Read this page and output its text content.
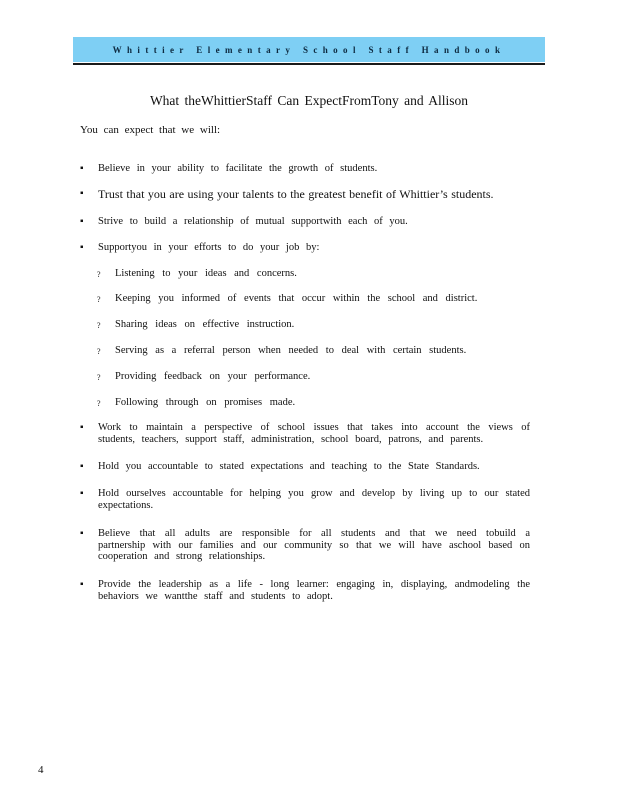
Whittier Elementary School Staff Handbook
What theWhittierStaff Can ExpectFromTony and Allison
You can expect that we will:
▪	Believe in your ability to facilitate the growth of students.
▪	Trust that you are using your talents to the greatest benefit of Whittier’s students.
▪	Strive to build a relationship of mutual supportwith each of you.
▪	Supportyou in your efforts to do your job by:
?	Listening to your ideas and concerns.
?	Keeping you informed of events that occur within the school and district.
?	Sharing ideas on effective instruction.
?	Serving as a referral person when needed to deal with certain students.
?	Providing feedback on your performance.
?	Following through on promises made.
▪	Work to maintain a perspective of school issues that takes into account the views of students, teachers, support staff, administration, school board, patrons, and parents.
▪	Hold you accountable to stated expectations and teaching to the State Standards.
▪	Hold ourselves accountable for helping you grow and develop by living up to our stated expectations.
▪	Believe that all adults are responsible for all students and that we need tobuild a partnership with our families and our community so that we will have aschool based on cooperation and strong relationships.
▪	Provide the leadership as a life - long learner: engaging in, displaying, andmodeling the behaviors we wantthe staff and students to adopt.
4
